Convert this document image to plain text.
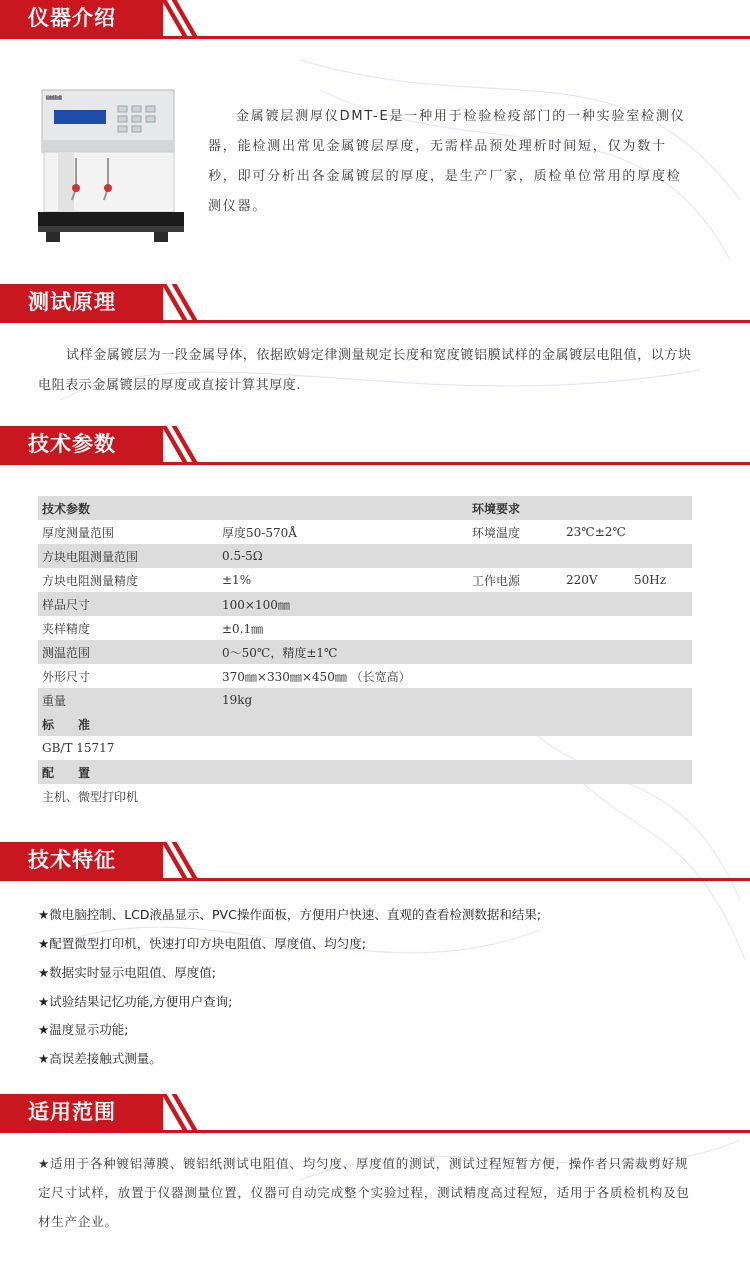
仪器介绍
DMT-E
金属镀层测厚仪DMT-E是一种用于检验检疫部门的一种实验室检测仪器，能检测出常见金属镀层厚度，无需样品预处理析时间短，仅为数十秒，即可分析出各金属镀层的厚度，是生产厂家，质检单位常用的厚度检测仪器。
测试原理
试样金属镀层为一段金属导体，依据欧姆定律测量规定长度和宽度镀铝膜试样的金属镀层电阻值，以方块电阻表示金属镀层的厚度或直接计算其厚度.
技术参数
技术参数		环境要求		
厚度测量范围	厚度50-570Å	环境温度	23℃±2℃	
方块电阻测量范围	0.5-5Ω			
方块电阻测量精度	±1%	工作电源	220V	50Hz
样品尺寸	100×100㎜			
夹样精度	±0.1㎜			
测温范围	0～50℃，精度±1℃			
外形尺寸	370㎜×330㎜×450㎜ （长宽高）			
重量	19kg			
标　　准				
GB/T 15717				
配　　置				
主机、微型打印机				
技术特征
★微电脑控制、LCD液晶显示、PVC操作面板，方便用户快速、直观的查看检测数据和结果;
★配置微型打印机，快速打印方块电阻值、厚度值、均匀度;
★数据实时显示电阻值、厚度值;
★试验结果记忆功能,方便用户查询;
★温度显示功能;
★高误差接触式测量。
适用范围
★适用于各种镀铝薄膜、镀铝纸测试电阻值、均匀度、厚度值的测试，测试过程短暂方便，操作者只需裁剪好规定尺寸试样，放置于仪器测量位置，仪器可自动完成整个实验过程，测试精度高过程短，适用于各质检机构及包材生产企业。
